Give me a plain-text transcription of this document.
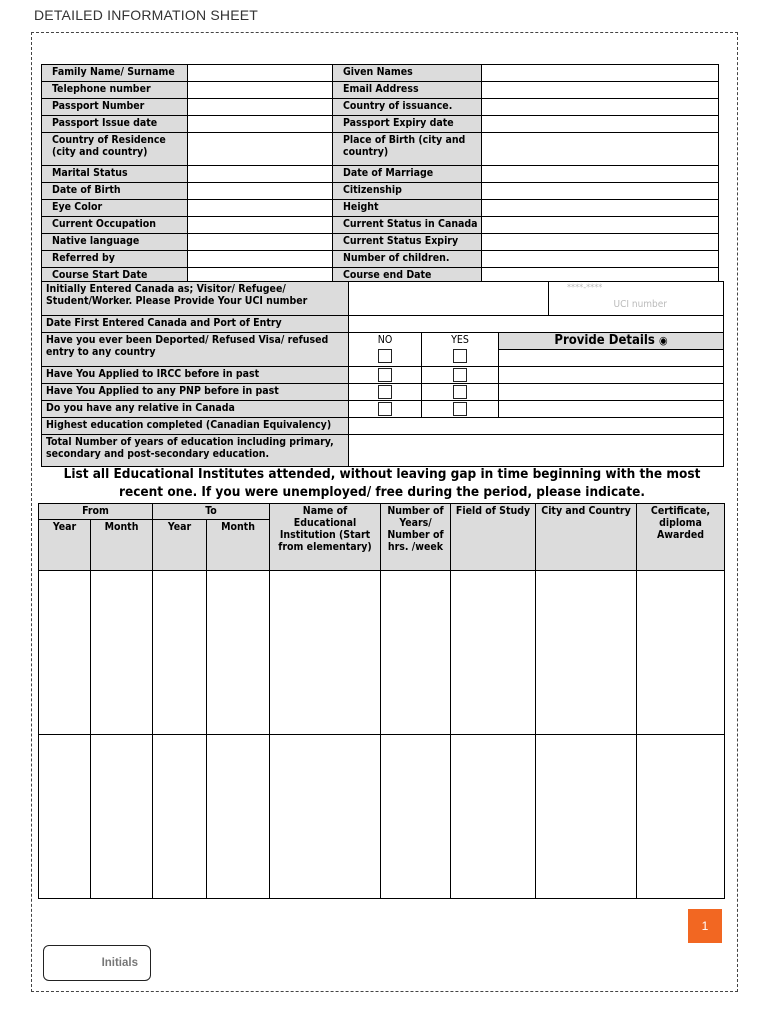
DETAILED INFORMATION SHEET
Family Name/ Surname		Given Names	
Telephone number		Email Address	
Passport Number		Country of issuance.	
Passport Issue date		Passport Expiry date	
Country of Residence (city and country)		Place of Birth (city and country)	
Marital Status		Date of Marriage	
Date of Birth		Citizenship	
Eye Color		Height	
Current Occupation		Current Status in Canada	
Native language		Current Status Expiry	
Referred by		Number of children.	
Course Start Date		Course end Date	
Initially Entered Canada as; Visitor/ Refugee/ Student/Worker. Please Provide Your UCI number				****-****
UCI number

Date First Entered Canada and Port of Entry				
Have you ever been Deported/ Refused Visa/ refused entry to any country	NO	YES	Provide Details ◉	

Have You Applied to IRCC before in past		

Have You Applied to any PNP before in past		

Do you have any relative in Canada		

Highest education completed (Canadian Equivalency)				
Total Number of years of education including primary, secondary and post-secondary education.				
List all Educational Institutes attended, without leaving gap in time beginning with the most recent one. If you were unemployed/ free during the period, please indicate.
From		To		Name of Educational Institution (Start from elementary)	Number of Years/ Number of hrs. /week	Field of Study	City and Country	Certificate, diploma Awarded
Year	Month	Year	Month					

1
Initials
